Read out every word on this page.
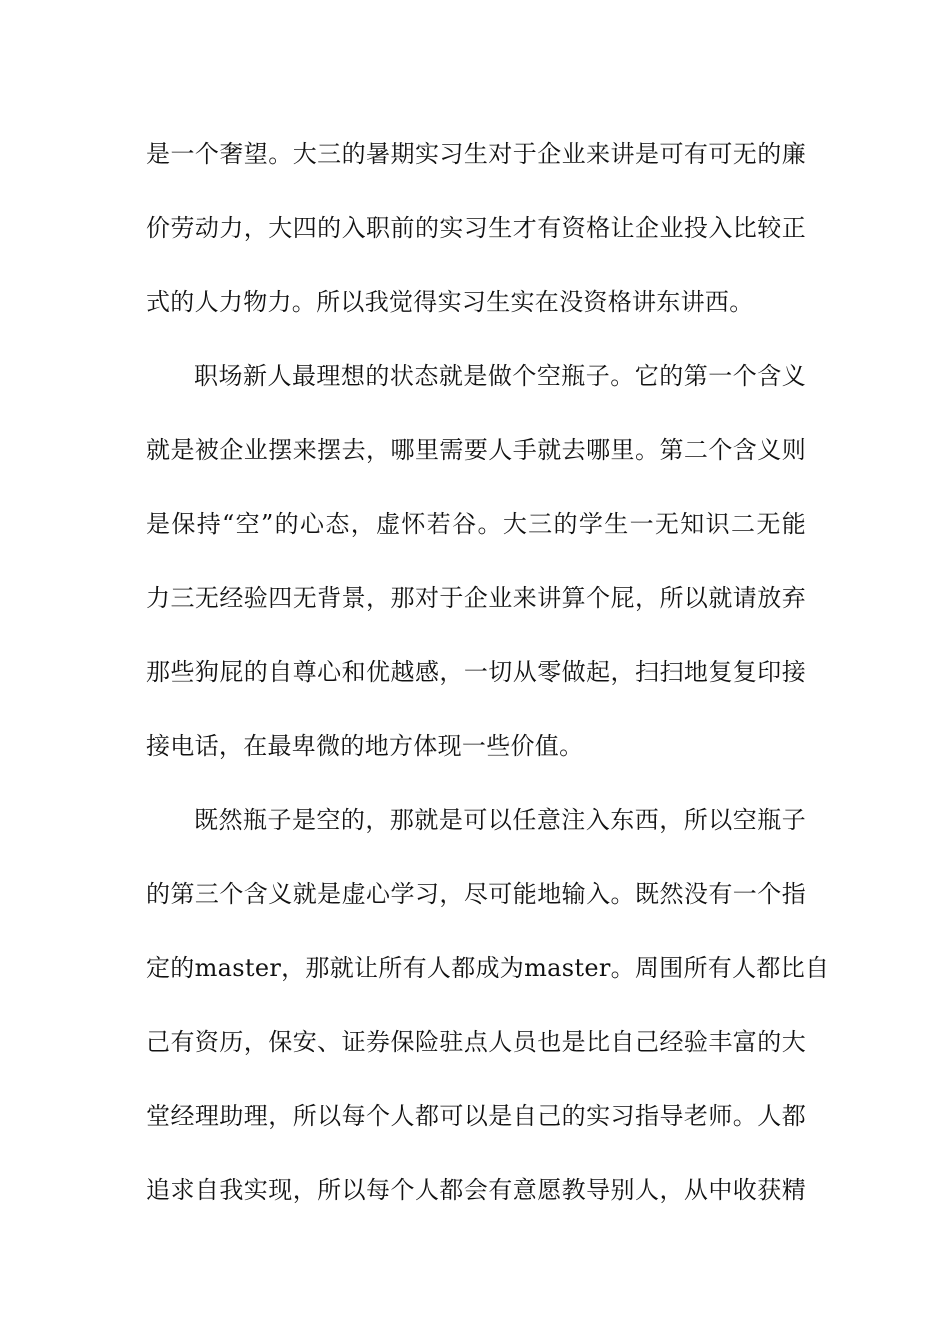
是一个奢望。大三的暑期实习生对于企业来讲是可有可无的廉
价劳动力，大四的入职前的实习生才有资格让企业投入比较正
式的人力物力。所以我觉得实习生实在没资格讲东讲西。
职场新人最理想的状态就是做个空瓶子。它的第一个含义
就是被企业摆来摆去，哪里需要人手就去哪里。第二个含义则
是保持“空”的心态，虚怀若谷。大三的学生一无知识二无能
力三无经验四无背景，那对于企业来讲算个屁，所以就请放弃
那些狗屁的自尊心和优越感，一切从零做起，扫扫地复复印接
接电话，在最卑微的地方体现一些价值。
既然瓶子是空的，那就是可以任意注入东西，所以空瓶子
的第三个含义就是虚心学习，尽可能地输入。既然没有一个指
定的master，那就让所有人都成为master。周围所有人都比自
己有资历，保安、证券保险驻点人员也是比自己经验丰富的大
堂经理助理，所以每个人都可以是自己的实习指导老师。人都
追求自我实现，所以每个人都会有意愿教导别人，从中收获精
